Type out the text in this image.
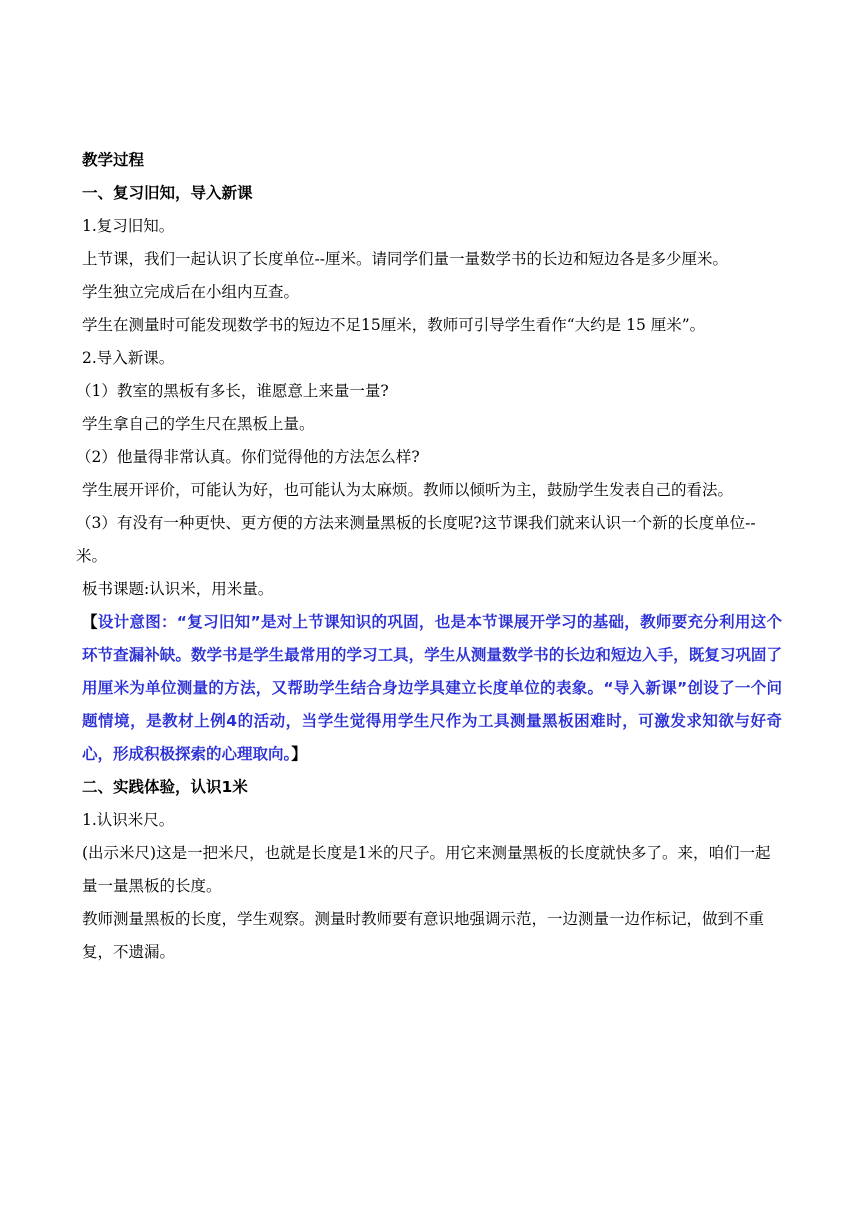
教学过程
一、复习旧知，导入新课
1.复习旧知。
上节课，我们一起认识了长度单位--厘米。请同学们量一量数学书的长边和短边各是多少厘米。
学生独立完成后在小组内互查。
学生在测量时可能发现数学书的短边不足15厘米，教师可引导学生看作“大约是 15 厘米”。
2.导入新课。
（1）教室的黑板有多长，谁愿意上来量一量?
学生拿自己的学生尺在黑板上量。
（2）他量得非常认真。你们觉得他的方法怎么样?
学生展开评价，可能认为好，也可能认为太麻烦。教师以倾听为主，鼓励学生发表自己的看法。
（3）有没有一种更快、更方便的方法来测量黑板的长度呢?这节课我们就来认识一个新的长度单位--米。
板书课题:认识米，用米量。
【设计意图：“复习旧知”是对上节课知识的巩固，也是本节课展开学习的基础，教师要充分利用这个环节查漏补缺。数学书是学生最常用的学习工具，学生从测量数学书的长边和短边入手，既复习巩固了用厘米为单位测量的方法，又帮助学生结合身边学具建立长度单位的表象。“导入新课”创设了一个问题情境，是教材上例4的活动，当学生觉得用学生尺作为工具测量黑板困难时，可激发求知欲与好奇心，形成积极探索的心理取向。】
二、实践体验，认识1米
1.认识米尺。
(出示米尺)这是一把米尺，也就是长度是1米的尺子。用它来测量黑板的长度就快多了。来，咱们一起量一量黑板的长度。
教师测量黑板的长度，学生观察。测量时教师要有意识地强调示范，一边测量一边作标记，做到不重复，不遗漏。
